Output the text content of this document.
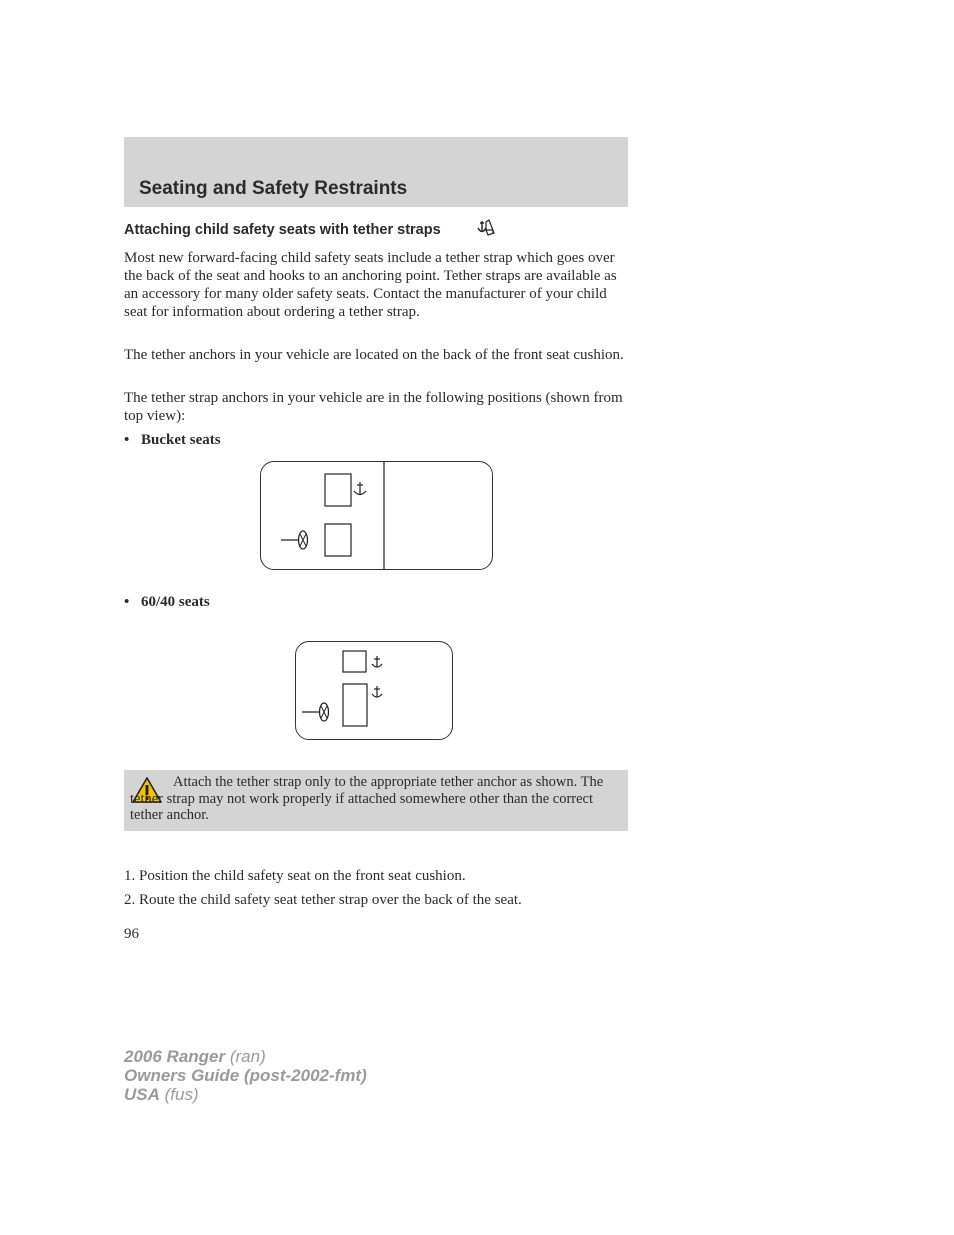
Seating and Safety Restraints
Attaching child safety seats with tether straps
Most new forward-facing child safety seats include a tether strap which goes over the back of the seat and hooks to an anchoring point. Tether straps are available as an accessory for many older safety seats. Contact the manufacturer of your child seat for information about ordering a tether strap.
The tether anchors in your vehicle are located on the back of the front seat cushion.
The tether strap anchors in your vehicle are in the following positions (shown from top view):
• Bucket seats
• 60/40 seats
Attach the tether strap only to the appropriate tether anchor as shown. The tether strap may not work properly if attached somewhere other than the correct tether anchor.
1. Position the child safety seat on the front seat cushion.
2. Route the child safety seat tether strap over the back of the seat.
96
2006 Ranger (ran)
Owners Guide (post-2002-fmt)
USA (fus)
